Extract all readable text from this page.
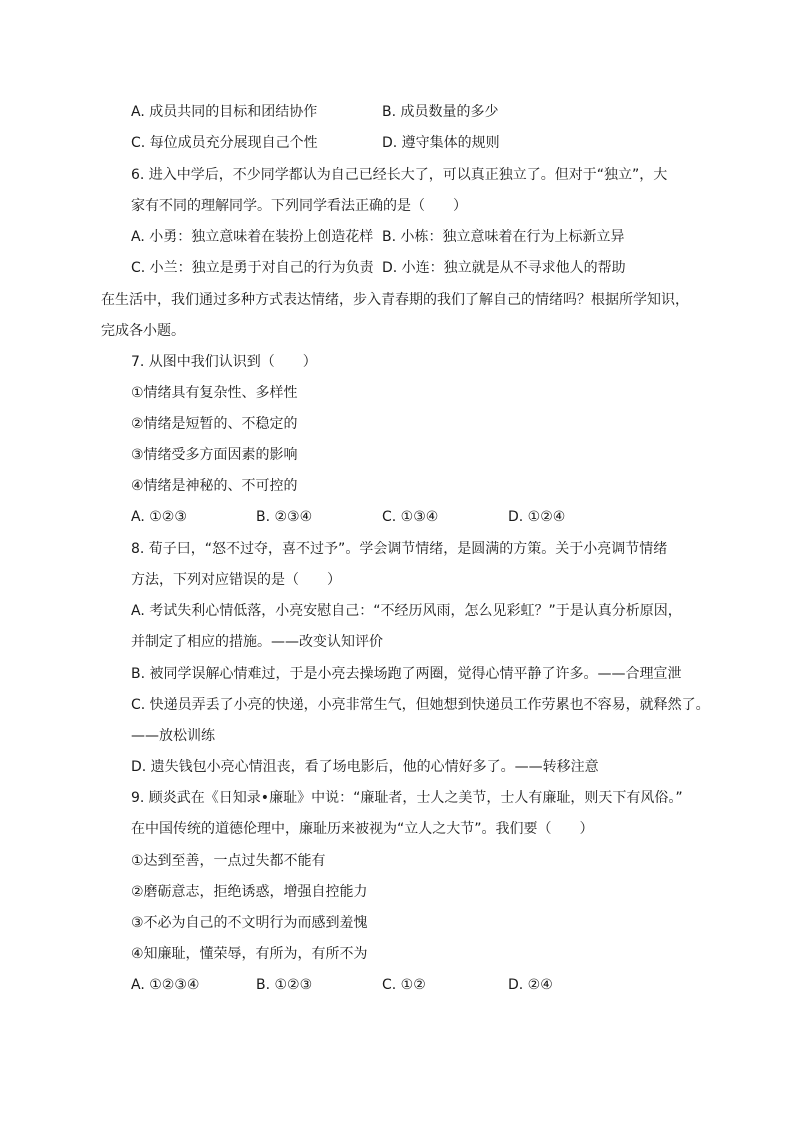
A. 成员共同的目标和团结协作	B. 成员数量的多少
C. 每位成员充分展现自己个性	D. 遵守集体的规则
6. 进入中学后，不少同学都认为自己已经长大了，可以真正独立了。但对于“独立”，大
家有不同的理解同学。下列同学看法正确的是（　　）
A. 小勇：独立意味着在装扮上创造花样 B. 小栋：独立意味着在行为上标新立异
C. 小兰：独立是勇于对自己的行为负责 D. 小连：独立就是从不寻求他人的帮助
在生活中，我们通过多种方式表达情绪，步入青春期的我们了解自己的情绪吗？根据所学知识，
完成各小题。
7. 从图中我们认识到（　　）
①情绪具有复杂性、多样性
②情绪是短暂的、不稳定的
③情绪受多方面因素的影响
④情绪是神秘的、不可控的
A. ①②③	B. ②③④	C. ①③④	D. ①②④
8. 荀子曰，“怒不过夺，喜不过予”。学会调节情绪，是圆满的方策。关于小亮调节情绪
方法，下列对应错误的是（　　）
A. 考试失利心情低落，小亮安慰自己：“不经历风雨，怎么见彩虹？”于是认真分析原因，
并制定了相应的措施。——改变认知评价
B. 被同学误解心情难过，于是小亮去操场跑了两圈，觉得心情平静了许多。——合理宣泄
C. 快递员弄丢了小亮的快递，小亮非常生气，但她想到快递员工作劳累也不容易，就释然了。
——放松训练
D. 遗失钱包小亮心情沮丧，看了场电影后，他的心情好多了。——转移注意
9. 顾炎武在《日知录•廉耻》中说：“廉耻者，士人之美节，士人有廉耻，则天下有风俗。”
在中国传统的道德伦理中，廉耻历来被视为“立人之大节”。我们要（　　）
①达到至善，一点过失都不能有
②磨砺意志，拒绝诱惑，增强自控能力
③不必为自己的不文明行为而感到羞愧
④知廉耻，懂荣辱，有所为，有所不为
A. ①②③④	B. ①②③	C. ①②	D. ②④
